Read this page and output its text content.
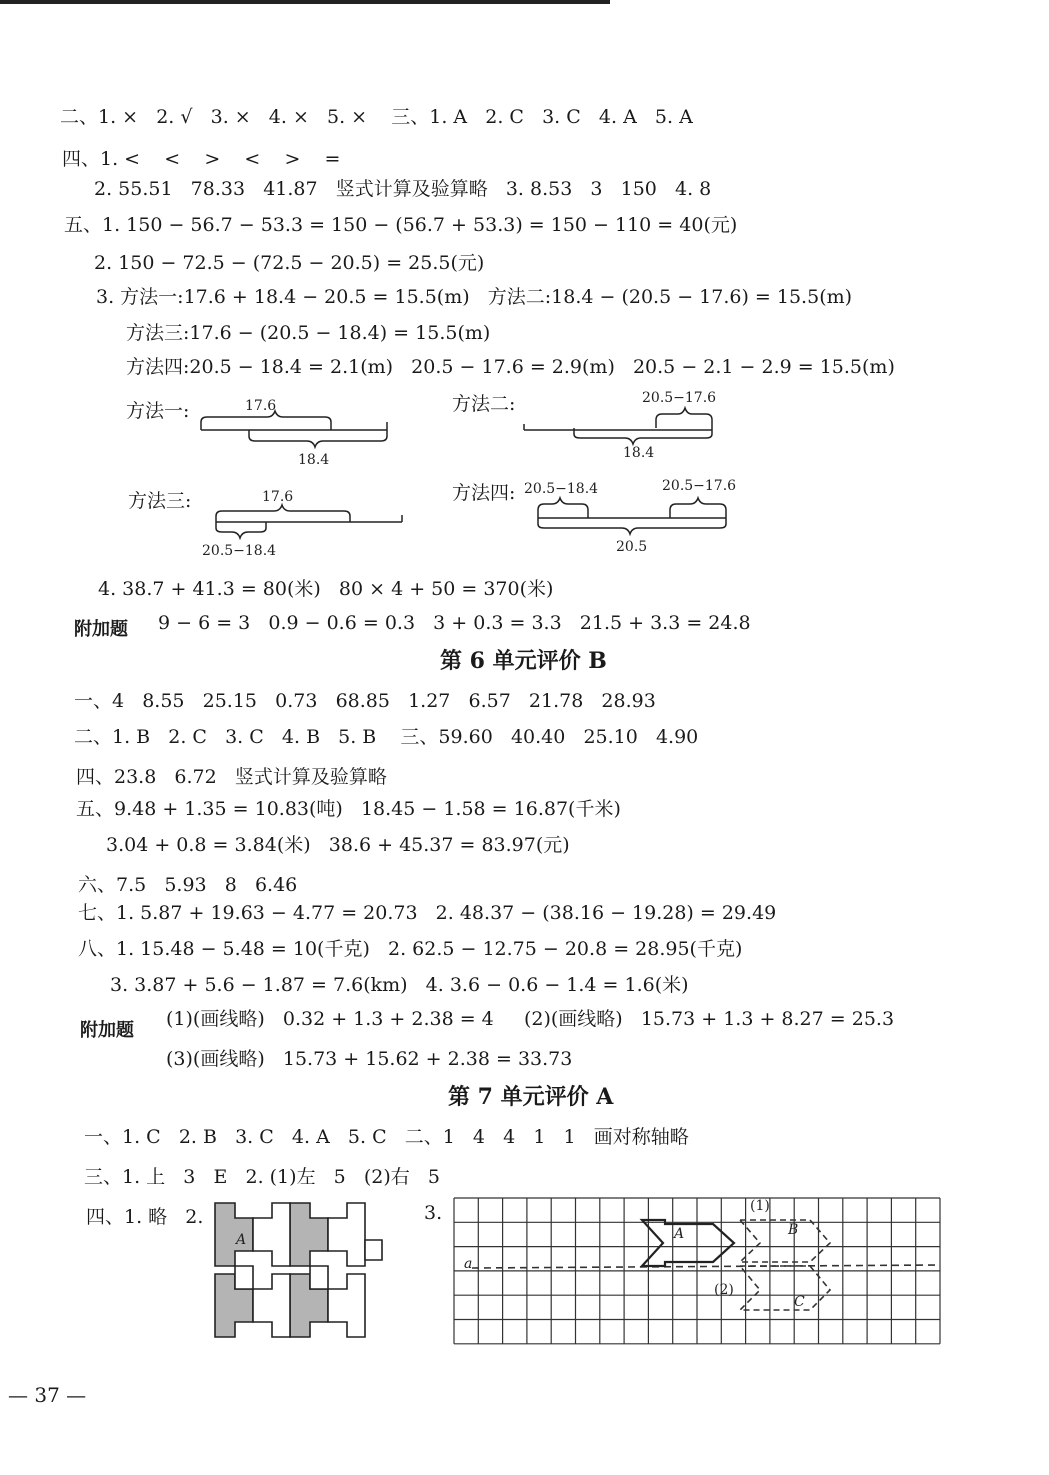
二、1. ×   2. √   3. ×   4. ×   5. ×    三、1. A   2. C   3. C   4. A   5. A
四、1. <    <    >    <    >    =
2. 55.51   78.33   41.87   竖式计算及验算略   3. 8.53   3   150   4. 8
五、1. 150 − 56.7 − 53.3 = 150 − (56.7 + 53.3) = 150 − 110 = 40(元)
2. 150 − 72.5 − (72.5 − 20.5) = 25.5(元)
3. 方法一:17.6 + 18.4 − 20.5 = 15.5(m)   方法二:18.4 − (20.5 − 17.6) = 15.5(m)
方法三:17.6 − (20.5 − 18.4) = 15.5(m)
方法四:20.5 − 18.4 = 2.1(m)   20.5 − 17.6 = 2.9(m)   20.5 − 2.1 − 2.9 = 15.5(m)
方法一:	17.6
18.4
方法二:	20.5−17.6
18.4
方法三:	17.6
20.5−18.4
方法四: 20.5−18.4	20.5−17.6
20.5
4. 38.7 + 41.3 = 80(米)   80 × 4 + 50 = 370(米)
附加题 9 − 6 = 3   0.9 − 0.6 = 0.3   3 + 0.3 = 3.3   21.5 + 3.3 = 24.8
第 6 单元评价 B
一、4   8.55   25.15   0.73   68.85   1.27   6.57   21.78   28.93
二、1. B   2. C   3. C   4. B   5. B    三、59.60   40.40   25.10   4.90
四、23.8   6.72   竖式计算及验算略
五、9.48 + 1.35 = 10.83(吨)   18.45 − 1.58 = 16.87(千米)
3.04 + 0.8 = 3.84(米)   38.6 + 45.37 = 83.97(元)
六、7.5   5.93   8   6.46
七、1. 5.87 + 19.63 − 4.77 = 20.73   2. 48.37 − (38.16 − 19.28) = 29.49
八、1. 15.48 − 5.48 = 10(千克)   2. 62.5 − 12.75 − 20.8 = 28.95(千克)
3. 3.87 + 5.6 − 1.87 = 7.6(km)   4. 3.6 − 0.6 − 1.4 = 1.6(米)
附加题
(1)(画线略)   0.32 + 1.3 + 2.38 = 4     (2)(画线略)   15.73 + 1.3 + 8.27 = 25.3
(3)(画线略)   15.73 + 15.62 + 2.38 = 33.73
第 7 单元评价 A
一、1. C   2. B   3. C   4. A   5. C   二、1   4   4   1   1   画对称轴略
三、1. 上   3   E   2. (1)左   5   (2)右   5
四、1. 略   2.
A
3.
a
A	B
C
(1)
(2)
— 37 —
